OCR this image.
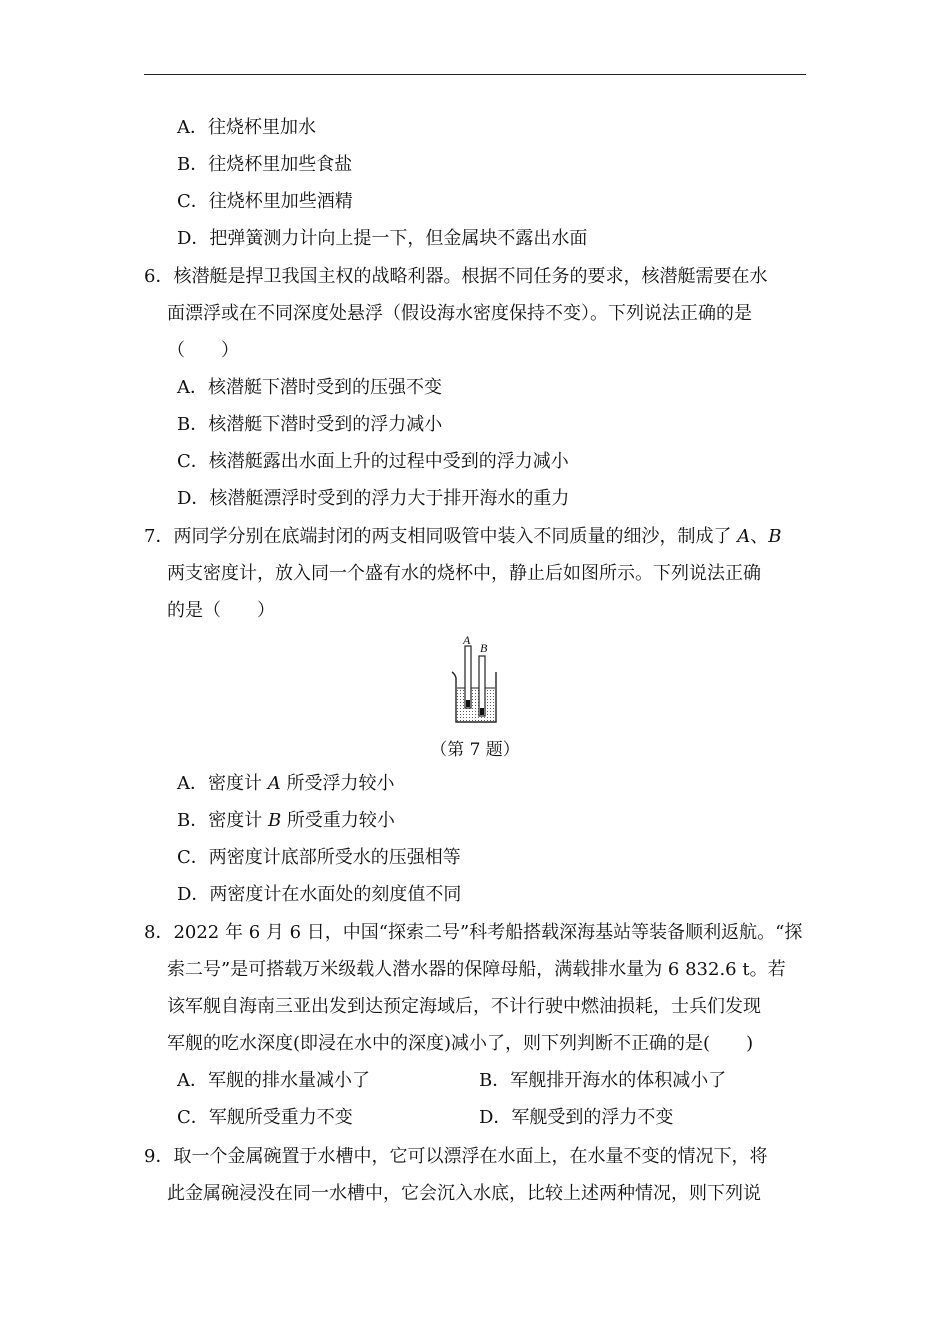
A．往烧杯里加水
B．往烧杯里加些食盐
C．往烧杯里加些酒精
D．把弹簧测力计向上提一下，但金属块不露出水面
6．核潜艇是捍卫我国主权的战略利器。根据不同任务的要求，核潜艇需要在水
面漂浮或在不同深度处悬浮（假设海水密度保持不变）。下列说法正确的是
（　　）
A．核潜艇下潜时受到的压强不变
B．核潜艇下潜时受到的浮力减小
C．核潜艇露出水面上升的过程中受到的浮力减小
D．核潜艇漂浮时受到的浮力大于排开海水的重力
7．两同学分别在底端封闭的两支相同吸管中装入不同质量的细沙，制成了 A、B
两支密度计，放入同一个盛有水的烧杯中，静止后如图所示。下列说法正确
的是（　　）
A
B
（第 7 题）
A．密度计 A 所受浮力较小
B．密度计 B 所受重力较小
C．两密度计底部所受水的压强相等
D．两密度计在水面处的刻度值不同
8．2022 年 6 月 6 日，中国“探索二号”科考船搭载深海基站等装备顺利返航。“探
索二号”是可搭载万米级载人潜水器的保障母船，满载排水量为 6 832.6 t。若
该军舰自海南三亚出发到达预定海域后，不计行驶中燃油损耗，士兵们发现
军舰的吃水深度(即浸在水中的深度)减小了，则下列判断不正确的是(　　)
A．军舰的排水量减小了	B．军舰排开海水的体积减小了
C．军舰所受重力不变	D．军舰受到的浮力不变
9．取一个金属碗置于水槽中，它可以漂浮在水面上，在水量不变的情况下，将
此金属碗浸没在同一水槽中，它会沉入水底，比较上述两种情况，则下列说
